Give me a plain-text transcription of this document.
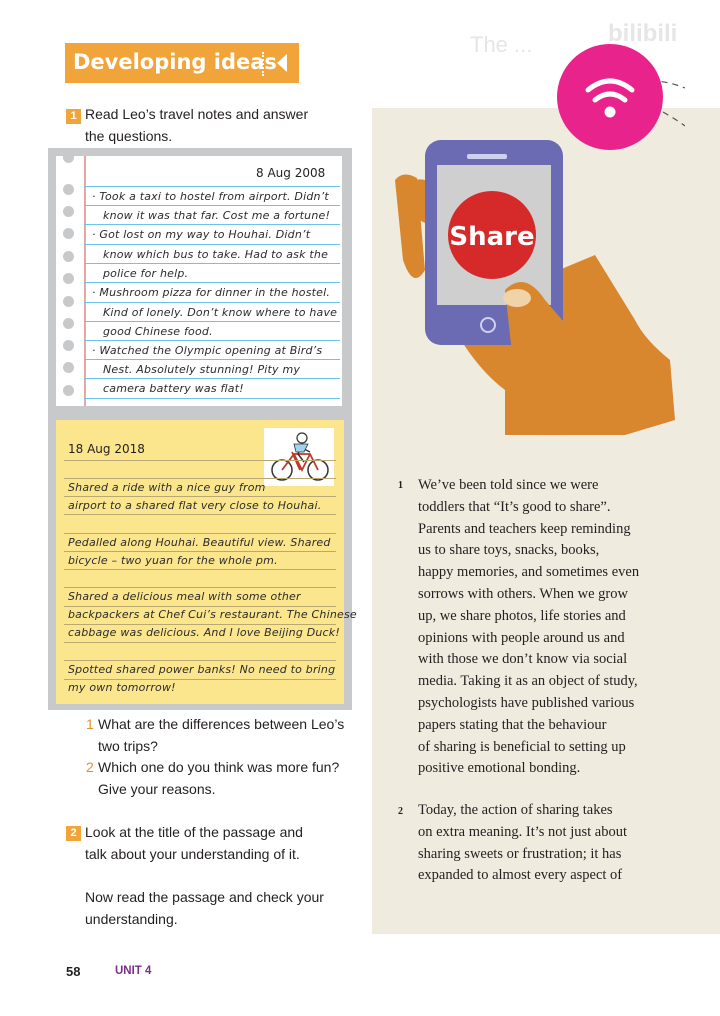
Developing ideas
The ...	bilibili
1 Read Leo’s travel notes and answer
the questions.
8 Aug 2008
· Took a taxi to hostel from airport. Didn’t
know it was that far. Cost me a fortune!
· Got lost on my way to Houhai. Didn’t
know which bus to take. Had to ask the
police for help.
· Mushroom pizza for dinner in the hostel.
Kind of lonely. Don’t know where to have
good Chinese food.
· Watched the Olympic opening at Bird’s
Nest. Absolutely stunning! Pity my
camera battery was flat!
18 Aug 2018
Shared a ride with a nice guy from
airport to a shared flat very close to Houhai.
Pedalled along Houhai. Beautiful view. Shared
bicycle – two yuan for the whole pm.
Shared a delicious meal with some other
backpackers at Chef Cui’s restaurant. The Chinese
cabbage was delicious. And I love Beijing Duck!
Spotted shared power banks! No need to bring
my own tomorrow!
1 What are the differences between Leo’s
two trips?
2 Which one do you think was more fun?
Give your reasons.
2 Look at the title of the passage and
talk about your understanding of it.
Now read the passage and check your
understanding.
Share
1 We’ve been told since we were
toddlers that “It’s good to share”.
Parents and teachers keep reminding
us to share toys, snacks, books,
happy memories, and sometimes even
sorrows with others. When we grow
up, we share photos, life stories and
opinions with people around us and
with those we don’t know via social
media. Taking it as an object of study,
psychologists have published various
papers stating that the behaviour
of sharing is beneficial to setting up
positive emotional bonding.
2 Today, the action of sharing takes
on extra meaning. It’s not just about
sharing sweets or frustration; it has
expanded to almost every aspect of
58	UNIT 4
